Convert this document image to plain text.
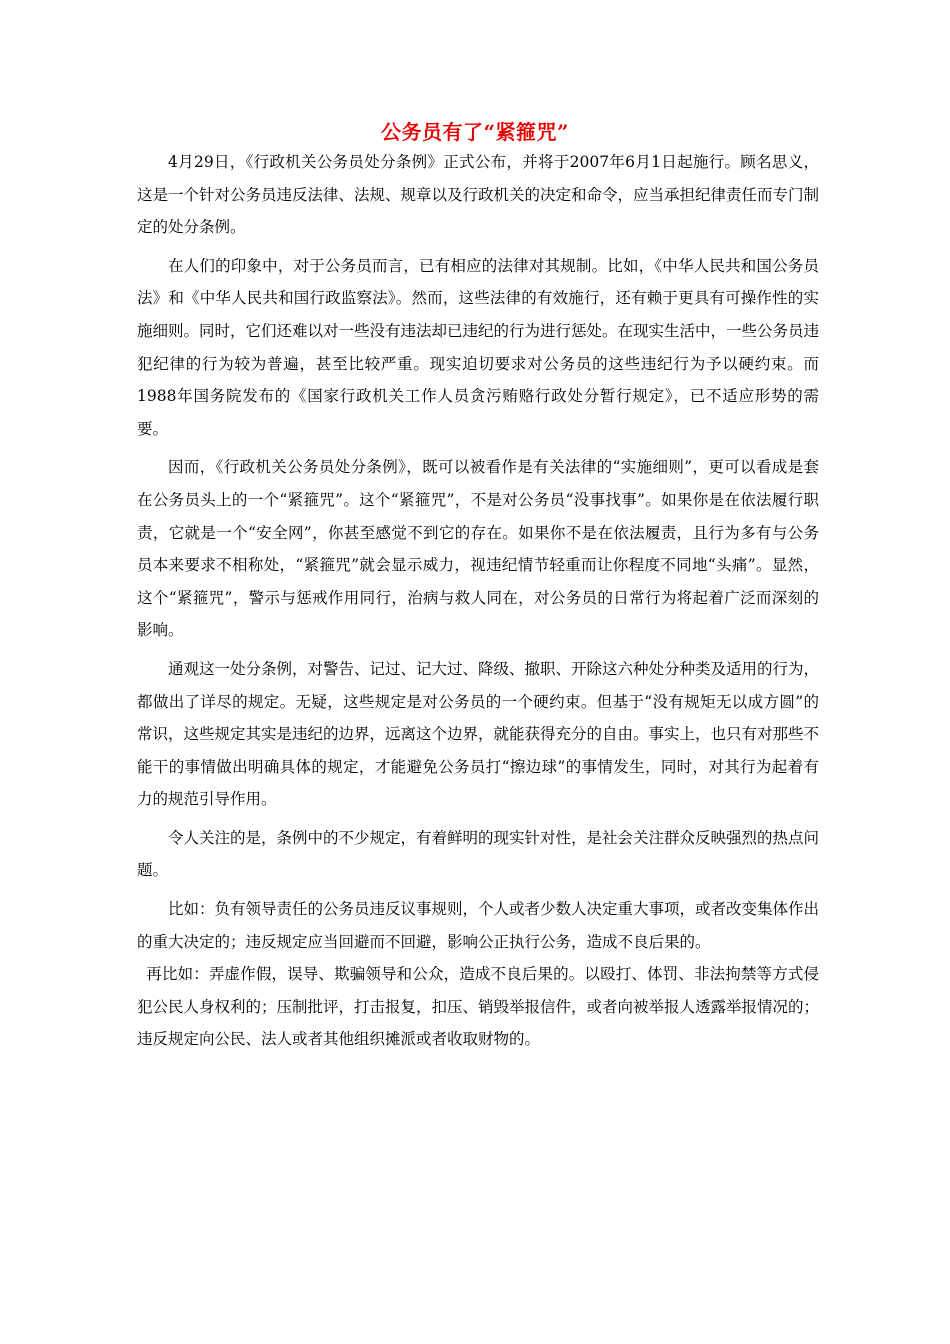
公务员有了“紧箍咒”

4月29日，《行政机关公务员处分条例》正式公布，并将于2007年6月1日起施行。顾名思义，这是一个针对公务员违反法律、法规、规章以及行政机关的决定和命令，应当承担纪律责任而专门制定的处分条例。

在人们的印象中，对于公务员而言，已有相应的法律对其规制。比如，《中华人民共和国公务员法》和《中华人民共和国行政监察法》。然而，这些法律的有效施行，还有赖于更具有可操作性的实施细则。同时，它们还难以对一些没有违法却已违纪的行为进行惩处。在现实生活中，一些公务员违犯纪律的行为较为普遍，甚至比较严重。现实迫切要求对公务员的这些违纪行为予以硬约束。而1988年国务院发布的《国家行政机关工作人员贪污贿赂行政处分暂行规定》，已不适应形势的需要。

因而，《行政机关公务员处分条例》，既可以被看作是有关法律的“实施细则”，更可以看成是套在公务员头上的一个“紧箍咒”。这个“紧箍咒”，不是对公务员“没事找事”。如果你是在依法履行职责，它就是一个“安全网”，你甚至感觉不到它的存在。如果你不是在依法履责，且行为多有与公务员本来要求不相称处，“紧箍咒”就会显示威力，视违纪情节轻重而让你程度不同地“头痛”。显然，这个“紧箍咒”，警示与惩戒作用同行，治病与救人同在，对公务员的日常行为将起着广泛而深刻的影响。

通观这一处分条例，对警告、记过、记大过、降级、撤职、开除这六种处分种类及适用的行为，都做出了详尽的规定。无疑，这些规定是对公务员的一个硬约束。但基于“没有规矩无以成方圆”的常识，这些规定其实是违纪的边界，远离这个边界，就能获得充分的自由。事实上，也只有对那些不能干的事情做出明确具体的规定，才能避免公务员打“擦边球”的事情发生，同时，对其行为起着有力的规范引导作用。

令人关注的是，条例中的不少规定，有着鲜明的现实针对性，是社会关注群众反映强烈的热点问题。

比如：负有领导责任的公务员违反议事规则，个人或者少数人决定重大事项，或者改变集体作出的重大决定的；违反规定应当回避而不回避，影响公正执行公务，造成不良后果的。

再比如：弄虚作假，误导、欺骗领导和公众，造成不良后果的。以殴打、体罚、非法拘禁等方式侵犯公民人身权利的；压制批评，打击报复，扣压、销毁举报信件，或者向被举报人透露举报情况的；违反规定向公民、法人或者其他组织摊派或者收取财物的。
